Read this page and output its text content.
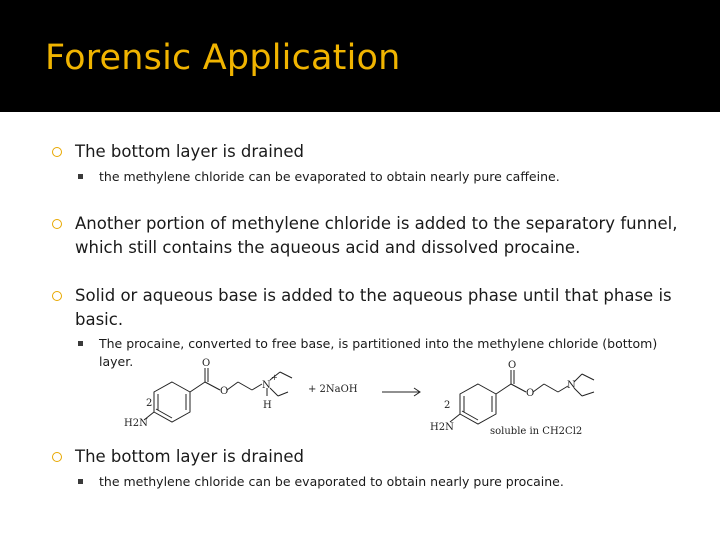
Forensic Application
The bottom layer is drained
the methylene chloride can be evaporated to obtain nearly pure caffeine.
Another portion of methylene chloride is added to the separatory funnel, which still contains the aqueous acid and dissolved procaine.
Solid or aqueous base is added to the aqueous phase until that phase is basic.
The procaine, converted to free base, is partitioned into the methylene chloride (bottom) layer.
2
H2N
O
O
N
+
H
+ 2NaOH
2
H2N
O
O
N
soluble in CH2Cl2
The bottom layer is drained
the methylene chloride can be evaporated to obtain nearly pure procaine.
